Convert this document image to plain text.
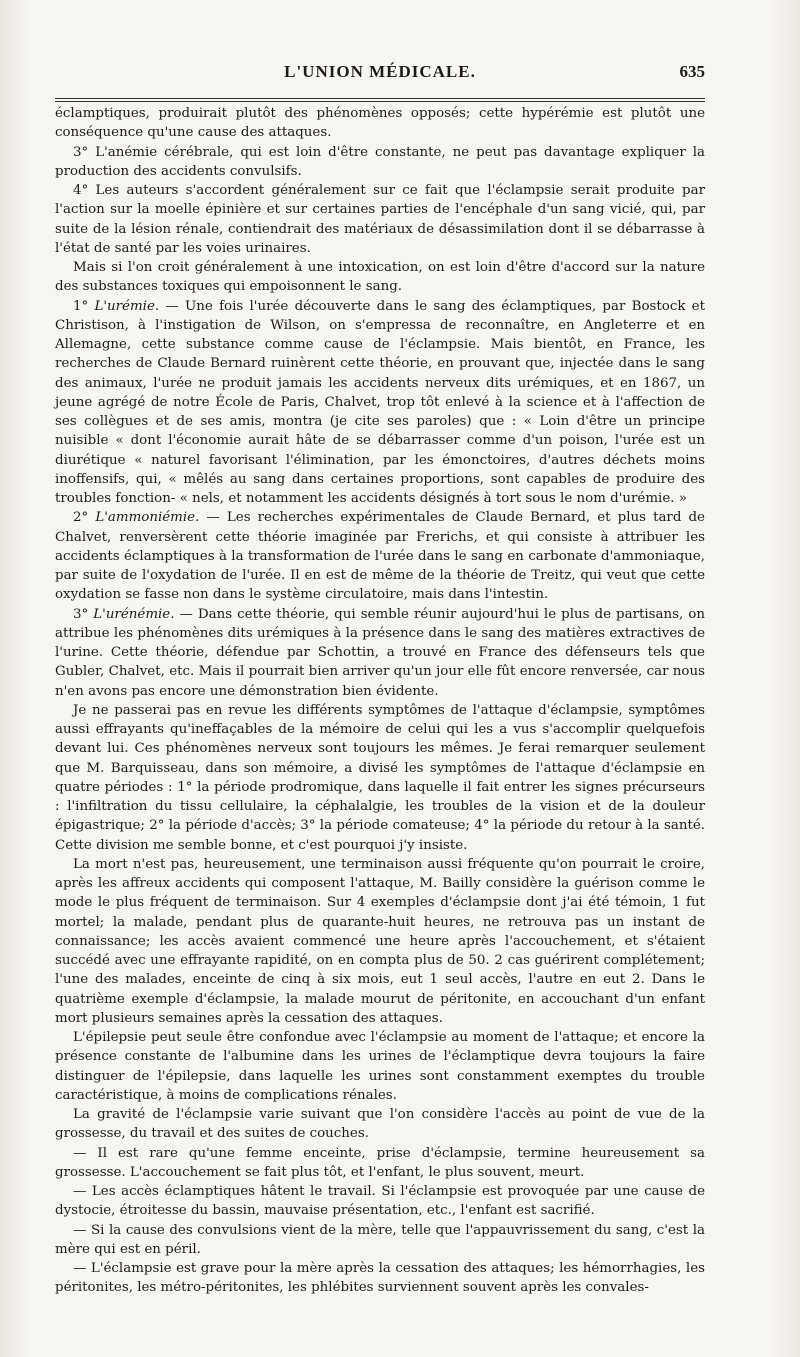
L'UNION MÉDICALE.	635

éclamptiques, produirait plutôt des phénomènes opposés; cette hypérémie est plutôt une conséquence qu'une cause des attaques.

3° L'anémie cérébrale, qui est loin d'être constante, ne peut pas davantage expliquer la production des accidents convulsifs.

4° Les auteurs s'accordent généralement sur ce fait que l'éclampsie serait produite par l'action sur la moelle épinière et sur certaines parties de l'encéphale d'un sang vicié, qui, par suite de la lésion rénale, contiendrait des matériaux de désassimilation dont il se débarrasse à l'état de santé par les voies urinaires.

Mais si l'on croit généralement à une intoxication, on est loin d'être d'accord sur la nature des substances toxiques qui empoisonnent le sang.

1° L'urémie. — Une fois l'urée découverte dans le sang des éclamptiques, par Bostock et Christison, à l'instigation de Wilson, on s'empressa de reconnaître, en Angleterre et en Allemagne, cette substance comme cause de l'éclampsie. Mais bientôt, en France, les recherches de Claude Bernard ruinèrent cette théorie, en prouvant que, injectée dans le sang des animaux, l'urée ne produit jamais les accidents nerveux dits urémiques, et en 1867, un jeune agrégé de notre École de Paris, Chalvet, trop tôt enlevé à la science et à l'affection de ses collègues et de ses amis, montra (je cite ses paroles) que : « Loin d'être un principe nuisible « dont l'économie aurait hâte de se débarrasser comme d'un poison, l'urée est un diurétique « naturel favorisant l'élimination, par les émonctoires, d'autres déchets moins inoffensifs, qui, « mêlés au sang dans certaines proportions, sont capables de produire des troubles fonction- « nels, et notamment les accidents désignés à tort sous le nom d'urémie. »

2° L'ammoniémie. — Les recherches expérimentales de Claude Bernard, et plus tard de Chalvet, renversèrent cette théorie imaginée par Frerichs, et qui consiste à attribuer les accidents éclamptiques à la transformation de l'urée dans le sang en carbonate d'ammoniaque, par suite de l'oxydation de l'urée. Il en est de même de la théorie de Treitz, qui veut que cette oxydation se fasse non dans le système circulatoire, mais dans l'intestin.

3° L'urénémie. — Dans cette théorie, qui semble réunir aujourd'hui le plus de partisans, on attribue les phénomènes dits urémiques à la présence dans le sang des matières extractives de l'urine. Cette théorie, défendue par Schottin, a trouvé en France des défenseurs tels que Gubler, Chalvet, etc. Mais il pourrait bien arriver qu'un jour elle fût encore renversée, car nous n'en avons pas encore une démonstration bien évidente.

Je ne passerai pas en revue les différents symptômes de l'attaque d'éclampsie, symptômes aussi effrayants qu'ineffaçables de la mémoire de celui qui les a vus s'accomplir quelquefois devant lui. Ces phénomènes nerveux sont toujours les mêmes. Je ferai remarquer seulement que M. Barquisseau, dans son mémoire, a divisé les symptômes de l'attaque d'éclampsie en quatre périodes : 1° la période prodromique, dans laquelle il fait entrer les signes précurseurs : l'infiltration du tissu cellulaire, la céphalalgie, les troubles de la vision et de la douleur épigastrique; 2° la période d'accès; 3° la période comateuse; 4° la période du retour à la santé. Cette division me semble bonne, et c'est pourquoi j'y insiste.

La mort n'est pas, heureusement, une terminaison aussi fréquente qu'on pourrait le croire, après les affreux accidents qui composent l'attaque, M. Bailly considère la guérison comme le mode le plus fréquent de terminaison. Sur 4 exemples d'éclampsie dont j'ai été témoin, 1 fut mortel; la malade, pendant plus de quarante-huit heures, ne retrouva pas un instant de connaissance; les accès avaient commencé une heure après l'accouchement, et s'étaient succédé avec une effrayante rapidité, on en compta plus de 50. 2 cas guérirent complétement; l'une des malades, enceinte de cinq à six mois, eut 1 seul accès, l'autre en eut 2. Dans le quatrième exemple d'éclampsie, la malade mourut de péritonite, en accouchant d'un enfant mort plusieurs semaines après la cessation des attaques.

L'épilepsie peut seule être confondue avec l'éclampsie au moment de l'attaque; et encore la présence constante de l'albumine dans les urines de l'éclamptique devra toujours la faire distinguer de l'épilepsie, dans laquelle les urines sont constamment exemptes du trouble caractéristique, à moins de complications rénales.

La gravité de l'éclampsie varie suivant que l'on considère l'accès au point de vue de la grossesse, du travail et des suites de couches.

— Il est rare qu'une femme enceinte, prise d'éclampsie, termine heureusement sa grossesse. L'accouchement se fait plus tôt, et l'enfant, le plus souvent, meurt.

— Les accès éclamptiques hâtent le travail. Si l'éclampsie est provoquée par une cause de dystocie, étroitesse du bassin, mauvaise présentation, etc., l'enfant est sacrifié.

— Si la cause des convulsions vient de la mère, telle que l'appauvrissement du sang, c'est la mère qui est en péril.

— L'éclampsie est grave pour la mère après la cessation des attaques; les hémorrhagies, les péritonites, les métro-péritonites, les phlébites surviennent souvent après les convales-
